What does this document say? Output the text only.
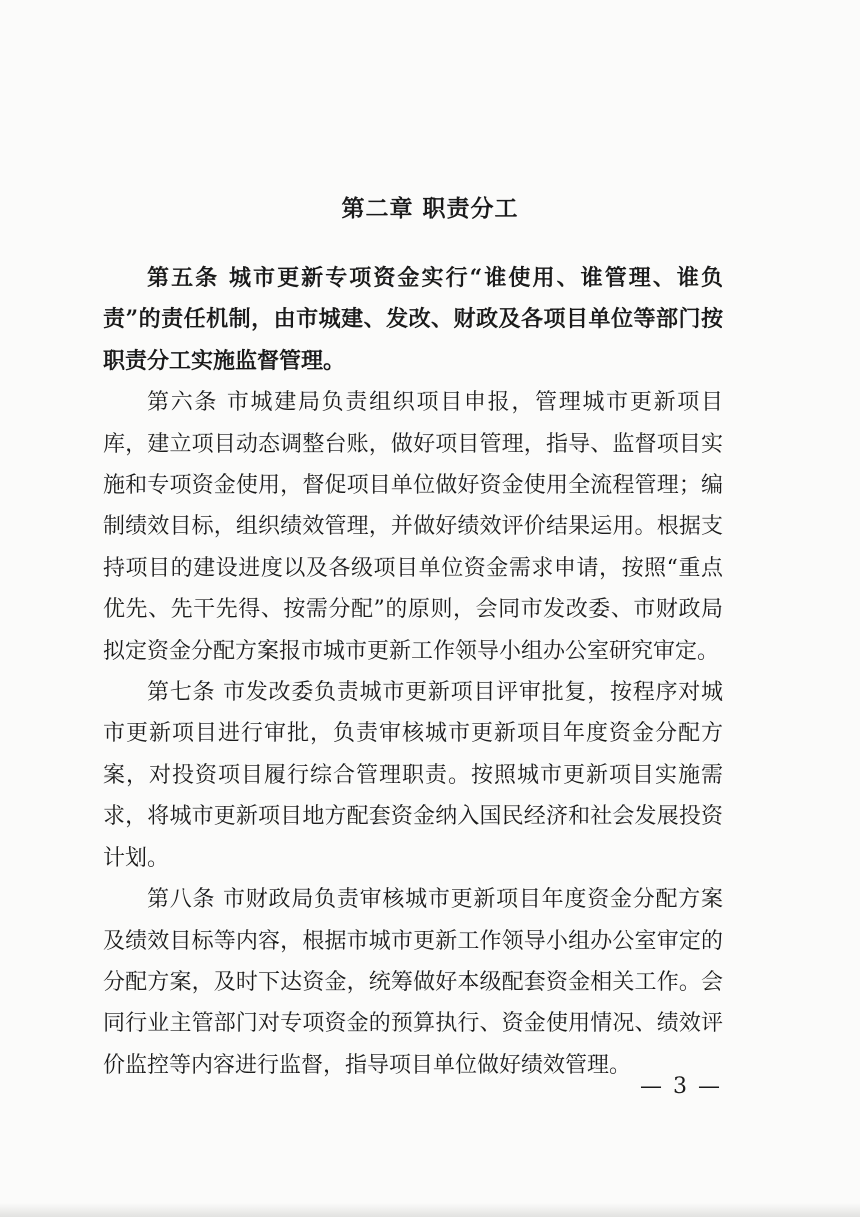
第二章 职责分工

第五条 城市更新专项资金实行“谁使用、谁管理、谁负责”的责任机制，由市城建、发改、财政及各项目单位等部门按职责分工实施监督管理。

第六条 市城建局负责组织项目申报，管理城市更新项目库，建立项目动态调整台账，做好项目管理，指导、监督项目实施和专项资金使用，督促项目单位做好资金使用全流程管理；编制绩效目标，组织绩效管理，并做好绩效评价结果运用。根据支持项目的建设进度以及各级项目单位资金需求申请，按照“重点优先、先干先得、按需分配”的原则，会同市发改委、市财政局拟定资金分配方案报市城市更新工作领导小组办公室研究审定。

第七条 市发改委负责城市更新项目评审批复，按程序对城市更新项目进行审批，负责审核城市更新项目年度资金分配方案，对投资项目履行综合管理职责。按照城市更新项目实施需求，将城市更新项目地方配套资金纳入国民经济和社会发展投资计划。

第八条 市财政局负责审核城市更新项目年度资金分配方案及绩效目标等内容，根据市城市更新工作领导小组办公室审定的分配方案，及时下达资金，统筹做好本级配套资金相关工作。会同行业主管部门对专项资金的预算执行、资金使用情况、绩效评价监控等内容进行监督，指导项目单位做好绩效管理。

— 3 —
